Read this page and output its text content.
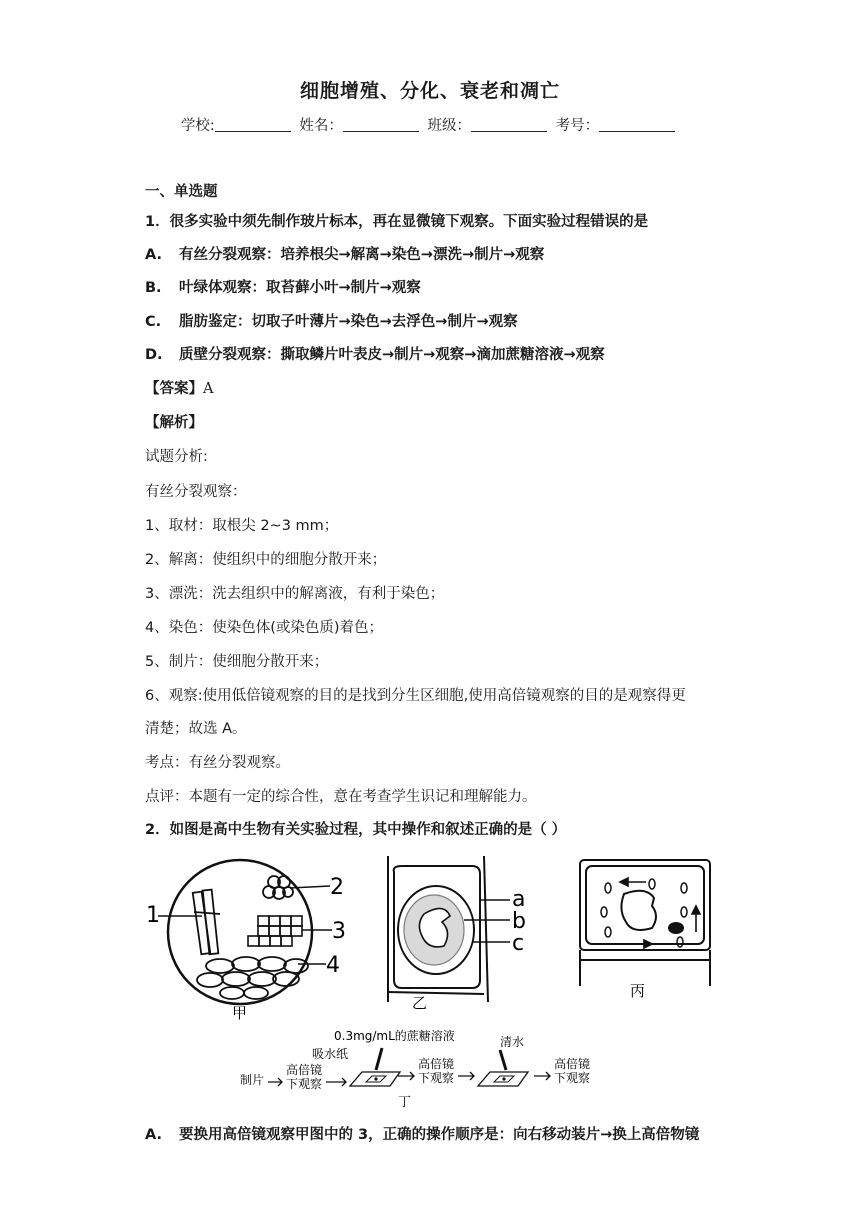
细胞增殖、分化、衰老和凋亡
学校:	姓名：	班级：	考号：
一、单选题
1．很多实验中须先制作玻片标本，再在显微镜下观察。下面实验过程错误的是
A. 有丝分裂观察：培养根尖→解离→染色→漂洗→制片→观察
B. 叶绿体观察：取苔藓小叶→制片→观察
C. 脂肪鉴定：切取子叶薄片→染色→去浮色→制片→观察
D. 质壁分裂观察：撕取鳞片叶表皮→制片→观察→滴加蔗糖溶液→观察
【答案】A
【解析】
试题分析:
有丝分裂观察：
1、取材：取根尖 2~3 mm；
2、解离：使组织中的细胞分散开来；
3、漂洗：洗去组织中的解离液，有利于染色；
4、染色：使染色体(或染色质)着色；
5、制片：使细胞分散开来；
6、观察:使用低倍镜观察的目的是找到分生区细胞,使用高倍镜观察的目的是观察得更
清楚；故选 A。
考点：有丝分裂观察。
点评：本题有一定的综合性，意在考查学生识记和理解能力。
2．如图是高中生物有关实验过程，其中操作和叙述正确的是（ ）
1
2
3
4
甲
a
b
c
乙
丙
0.3mg/mL的蔗糖溶液
吸水纸
清水
制片
高倍镜
下观察
高倍镜
下观察
高倍镜
下观察
丁
A. 要换用高倍镜观察甲图中的 3，正确的操作顺序是：向右移动装片→换上高倍物镜
